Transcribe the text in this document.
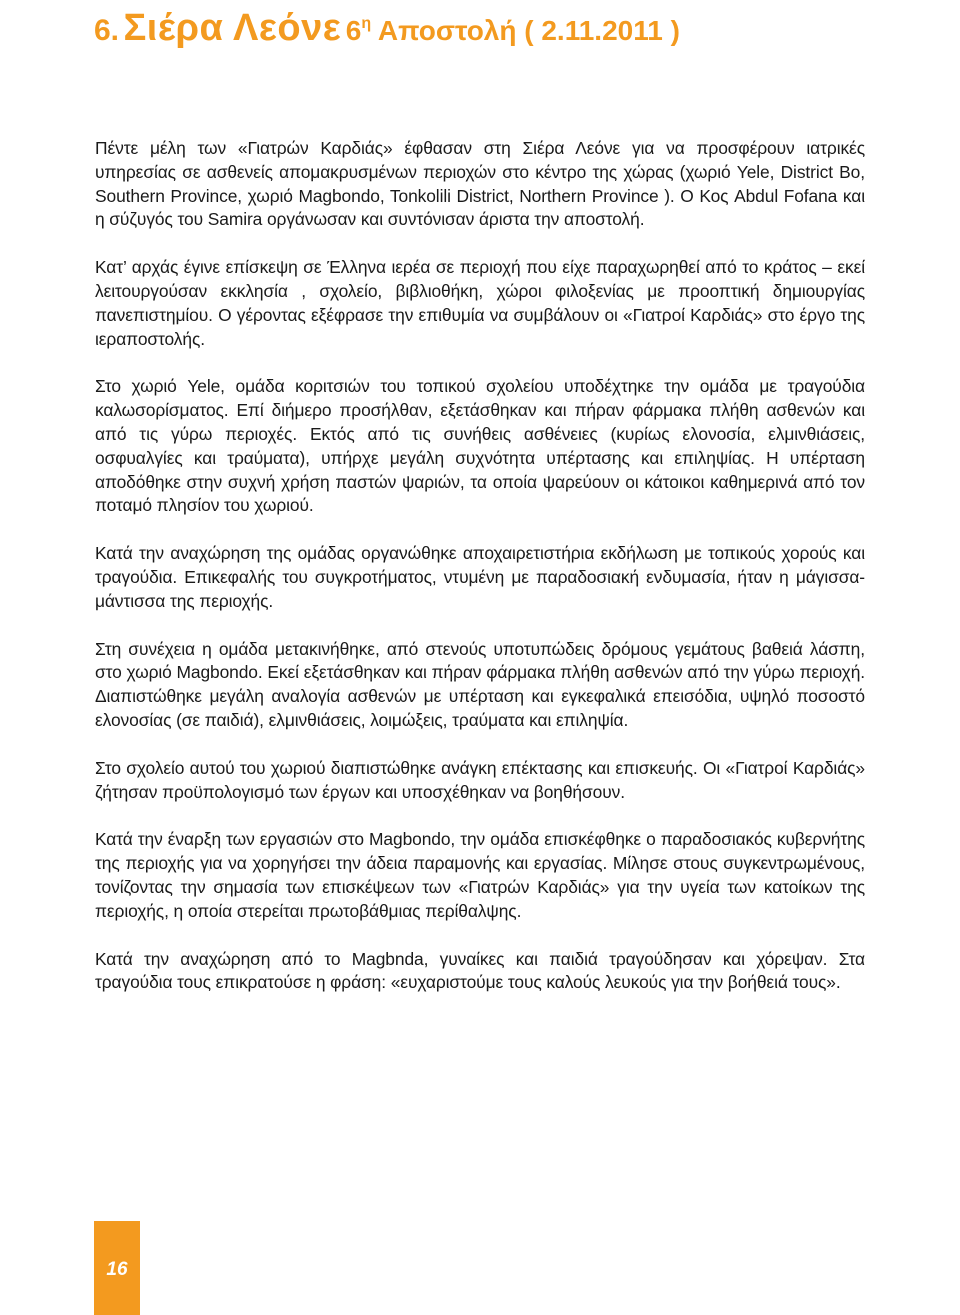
6. Σιέρα Λεόνε $6^\eta$ Αποστολή ( 2.11.2011 )

Πέντε μέλη των «Γιατρών Καρδιάς» έφθασαν στη Σιέρα Λεόνε για να προσφέρουν ιατρικές υπηρεσίας σε ασθενείς απομακρυσμένων περιοχών στο κέντρο της χώρας (χωριό Yele, District Bo, Southern Province, χωριό Magbondo, Tonkolili District, Northern Province ). Ο Κος Abdul Fofana και η σύζυγός του Samira οργάνωσαν και συντόνισαν άριστα την αποστολή.

Κατ’ αρχάς έγινε επίσκεψη σε Έλληνα ιερέα σε περιοχή που είχε παραχωρηθεί από το κράτος – εκεί λειτουργούσαν εκκλησία , σχολείο, βιβλιοθήκη, χώροι φιλοξενίας με προοπτική δημιουργίας πανεπιστημίου. Ο γέροντας εξέφρασε την επιθυμία να συμβάλουν οι «Γιατροί Καρδιάς» στο έργο της ιεραποστολής.

Στο χωριό Yele, ομάδα κοριτσιών του τοπικού σχολείου υποδέχτηκε την ομάδα με τραγούδια καλωσορίσματος. Επί διήμερο προσήλθαν, εξετάσθηκαν και πήραν φάρμακα πλήθη ασθενών και από τις γύρω περιοχές. Εκτός από τις συνήθεις ασθένειες (κυρίως ελονοσία, ελμινθιάσεις, οσφυαλγίες και τραύματα), υπήρχε μεγάλη συχνότητα υπέρτασης και επιληψίας. Η υπέρταση αποδόθηκε στην συχνή χρήση παστών ψαριών, τα οποία ψαρεύουν οι κάτοικοι καθημερινά από τον ποταμό πλησίον του χωριού.

Κατά την αναχώρηση της ομάδας οργανώθηκε αποχαιρετιστήρια εκδήλωση με τοπικούς χορούς και τραγούδια. Επικεφαλής του συγκροτήματος, ντυμένη με παραδοσιακή ενδυμασία, ήταν η μάγισσα-μάντισσα της περιοχής.

Στη συνέχεια η ομάδα μετακινήθηκε, από στενούς υποτυπώδεις δρόμους γεμάτους βαθειά λάσπη, στο χωριό Magbondo. Εκεί εξετάσθηκαν και πήραν φάρμακα πλήθη ασθενών από την γύρω περιοχή. Διαπιστώθηκε μεγάλη αναλογία ασθενών με υπέρταση και εγκεφαλικά επεισόδια, υψηλό ποσοστό ελονοσίας (σε παιδιά), ελμινθιάσεις, λοιμώξεις, τραύματα και επιληψία.

Στο σχολείο αυτού του χωριού διαπιστώθηκε ανάγκη επέκτασης και επισκευής. Οι «Γιατροί Καρδιάς» ζήτησαν προϋπολογισμό των έργων και υποσχέθηκαν να βοηθήσουν.

Κατά την έναρξη των εργασιών στο Magbondo, την ομάδα επισκέφθηκε ο παραδοσιακός κυβερνήτης της περιοχής για να χορηγήσει την άδεια παραμονής και εργασίας. Μίλησε στους συγκεντρωμένους, τονίζοντας την σημασία των επισκέψεων των «Γιατρών Καρδιάς» για την υγεία των κατοίκων της περιοχής, η οποία στερείται πρωτοβάθμιας περίθαλψης.

Κατά την αναχώρηση από το Magbnda, γυναίκες και παιδιά τραγούδησαν και χόρεψαν. Στα τραγούδια τους επικρατούσε η φράση: «ευχαριστούμε τους καλούς λευκούς για την βοήθειά τους».

16
